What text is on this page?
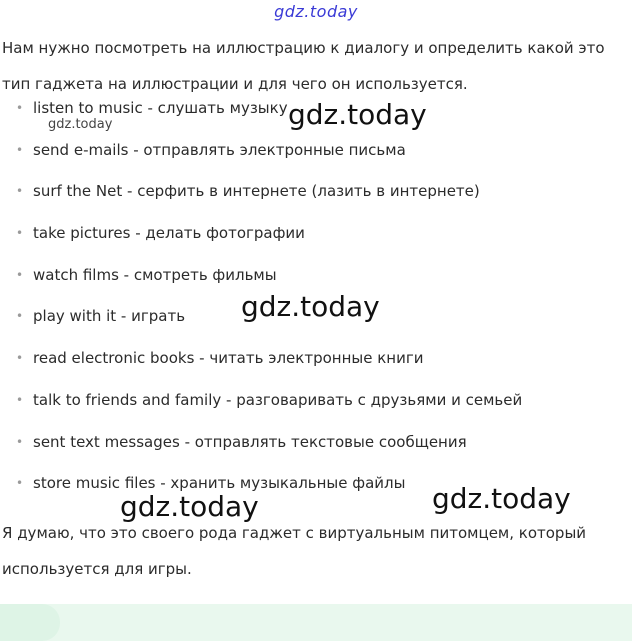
gdz.today

Нам нужно посмотреть на иллюстрацию к диалогу и определить какой это тип гаджета на иллюстрации и для чего он используется.

• listen to music - слушать музыку
• send e-mails - отправлять электронные письма
• surf the Net - серфить в интернете (лазить в интернете)
• take pictures - делать фотографии
• watch films - смотреть фильмы
• play with it - играть
• read electronic books - читать электронные книги
• talk to friends and family - разговаривать с друзьями и семьей
• sent text messages - отправлять текстовые сообщения
• store music files - хранить музыкальные файлы

Я думаю, что это своего рода гаджет с виртуальным питомцем, который используется для игры.

gdz.today
gdz.today
gdz.today
gdz.today	gdz.today
